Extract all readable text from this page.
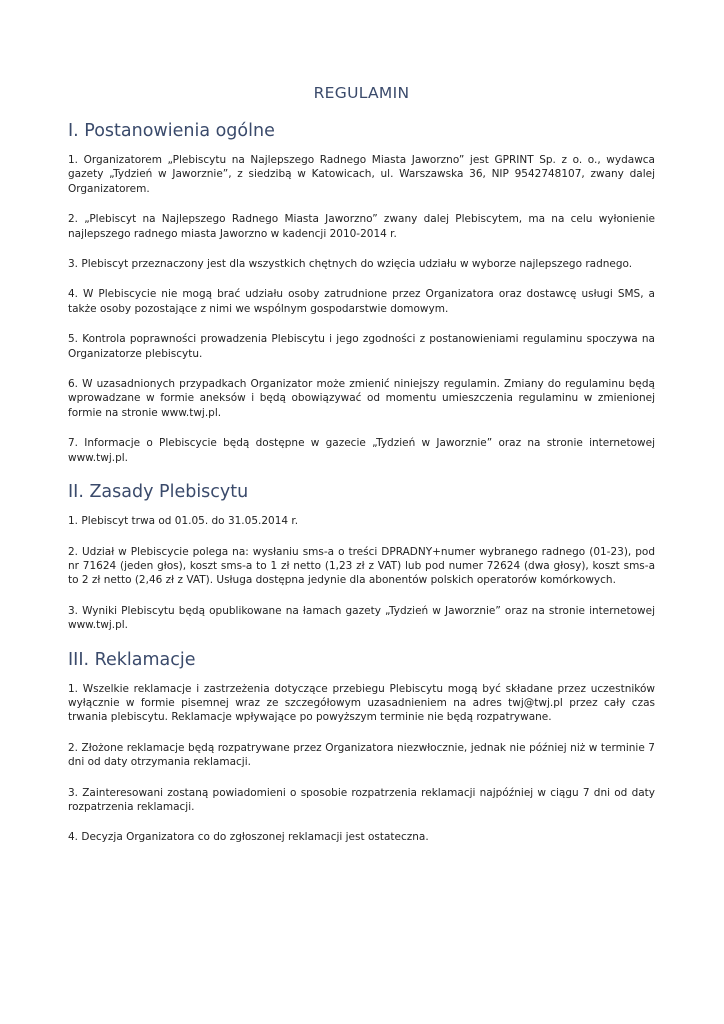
REGULAMIN
I. Postanowienia ogólne

1. Organizatorem „Plebiscytu na Najlepszego Radnego Miasta Jaworzno” jest GPRINT Sp. z o. o., wydawca gazety „Tydzień w Jaworznie”, z siedzibą w Katowicach, ul. Warszawska 36, NIP 9542748107, zwany dalej Organizatorem.

2. „Plebiscyt na Najlepszego Radnego Miasta Jaworzno” zwany dalej Plebiscytem, ma na celu wyłonienie najlepszego radnego miasta Jaworzno w kadencji 2010-2014 r.

3. Plebiscyt przeznaczony jest dla wszystkich chętnych do wzięcia udziału w wyborze najlepszego radnego.

4. W Plebiscycie nie mogą brać udziału osoby zatrudnione przez Organizatora oraz dostawcę usługi SMS, a także osoby pozostające z nimi we wspólnym gospodarstwie domowym.

5. Kontrola poprawności prowadzenia Plebiscytu i jego zgodności z postanowieniami regulaminu spoczywa na Organizatorze plebiscytu.

6. W uzasadnionych przypadkach Organizator może zmienić niniejszy regulamin. Zmiany do regulaminu będą wprowadzane w formie aneksów i będą obowiązywać od momentu umieszczenia regulaminu w zmienionej formie na stronie www.twj.pl.

7. Informacje o Plebiscycie będą dostępne w gazecie „Tydzień w Jaworznie” oraz na stronie internetowej www.twj.pl.

II. Zasady Plebiscytu

1. Plebiscyt trwa od 01.05. do 31.05.2014 r.

2. Udział w Plebiscycie polega na: wysłaniu sms-a o treści DPRADNY+numer wybranego radnego (01-23), pod nr 71624 (jeden głos), koszt sms-a to 1 zł netto (1,23 zł z VAT) lub pod numer 72624 (dwa głosy), koszt sms-a to 2 zł netto (2,46 zł z VAT). Usługa dostępna jedynie dla abonentów polskich operatorów komórkowych.

3. Wyniki Plebiscytu będą opublikowane na łamach gazety „Tydzień w Jaworznie” oraz na stronie internetowej www.twj.pl.

III. Reklamacje

1. Wszelkie reklamacje i zastrzeżenia dotyczące przebiegu Plebiscytu mogą być składane przez uczestników wyłącznie w formie pisemnej wraz ze szczegółowym uzasadnieniem na adres twj@twj.pl przez cały czas trwania plebiscytu. Reklamacje wpływające po powyższym terminie nie będą rozpatrywane.

2. Złożone reklamacje będą rozpatrywane przez Organizatora niezwłocznie, jednak nie później niż w terminie 7 dni od daty otrzymania reklamacji.

3. Zainteresowani zostaną powiadomieni o sposobie rozpatrzenia reklamacji najpóźniej w ciągu 7 dni od daty rozpatrzenia reklamacji.

4. Decyzja Organizatora co do zgłoszonej reklamacji jest ostateczna.
